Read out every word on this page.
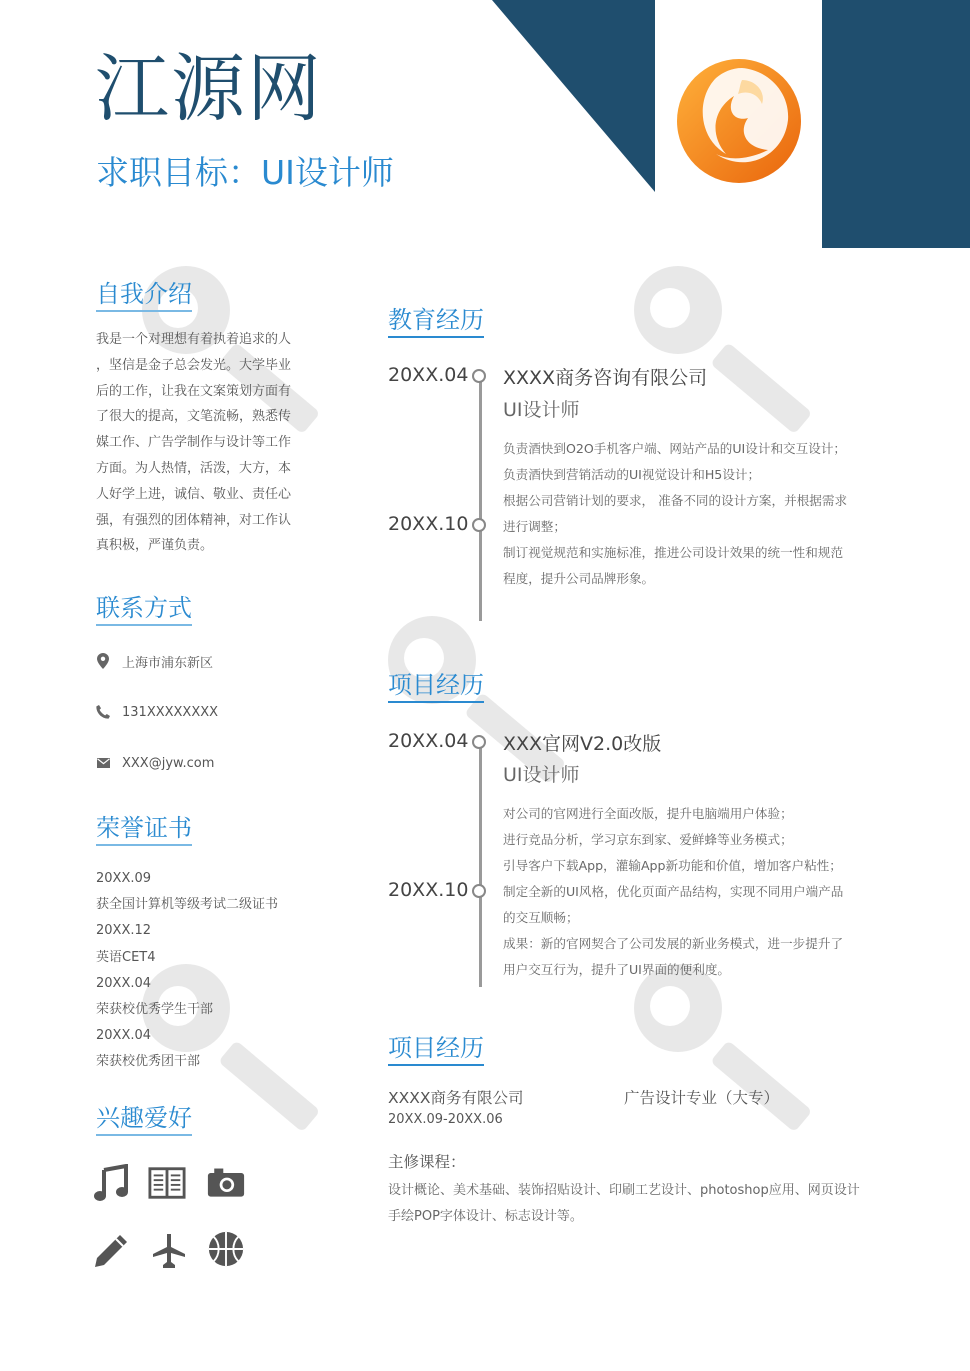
江源网
求职目标：UI设计师
自我介绍
我是一个对理想有着执着追求的人
，坚信是金子总会发光。大学毕业
后的工作，让我在文案策划方面有
了很大的提高，文笔流畅，熟悉传
媒工作、广告学制作与设计等工作
方面。为人热情，活泼，大方，本
人好学上进，诚信、敬业、责任心
强，有强烈的团体精神，对工作认
真积极，严谨负责。
联系方式
上海市浦东新区
131XXXXXXXX
XXX@jyw.com
荣誉证书
20XX.09
获全国计算机等级考试二级证书
20XX.12
英语CET4
20XX.04
荣获校优秀学生干部
20XX.04
荣获校优秀团干部
兴趣爱好
教育经历
20XX.04
20XX.10
XXXX商务咨询有限公司
UI设计师
负责酒快到O2O手机客户端、网站产品的UI设计和交互设计；
负责酒快到营销活动的UI视觉设计和H5设计；
根据公司营销计划的要求， 准备不同的设计方案，并根据需求
进行调整；
制订视觉规范和实施标准，推进公司设计效果的统一性和规范
程度，提升公司品牌形象。
项目经历
20XX.04
20XX.10
XXX官网V2.0改版
UI设计师
对公司的官网进行全面改版，提升电脑端用户体验；
进行竞品分析，学习京东到家、爱鲜蜂等业务模式；
引导客户下载App，灌输App新功能和价值，增加客户粘性；
制定全新的UI风格，优化页面产品结构，实现不同用户端产品
的交互顺畅；
成果：新的官网契合了公司发展的新业务模式，进一步提升了
用户交互行为，提升了UI界面的便利度。
项目经历
XXXX商务有限公司	广告设计专业（大专）
20XX.09-20XX.06
主修课程：
设计概论、美术基础、装饰招贴设计、印刷工艺设计、photoshop应用、网页设计
手绘POP字体设计、标志设计等。
